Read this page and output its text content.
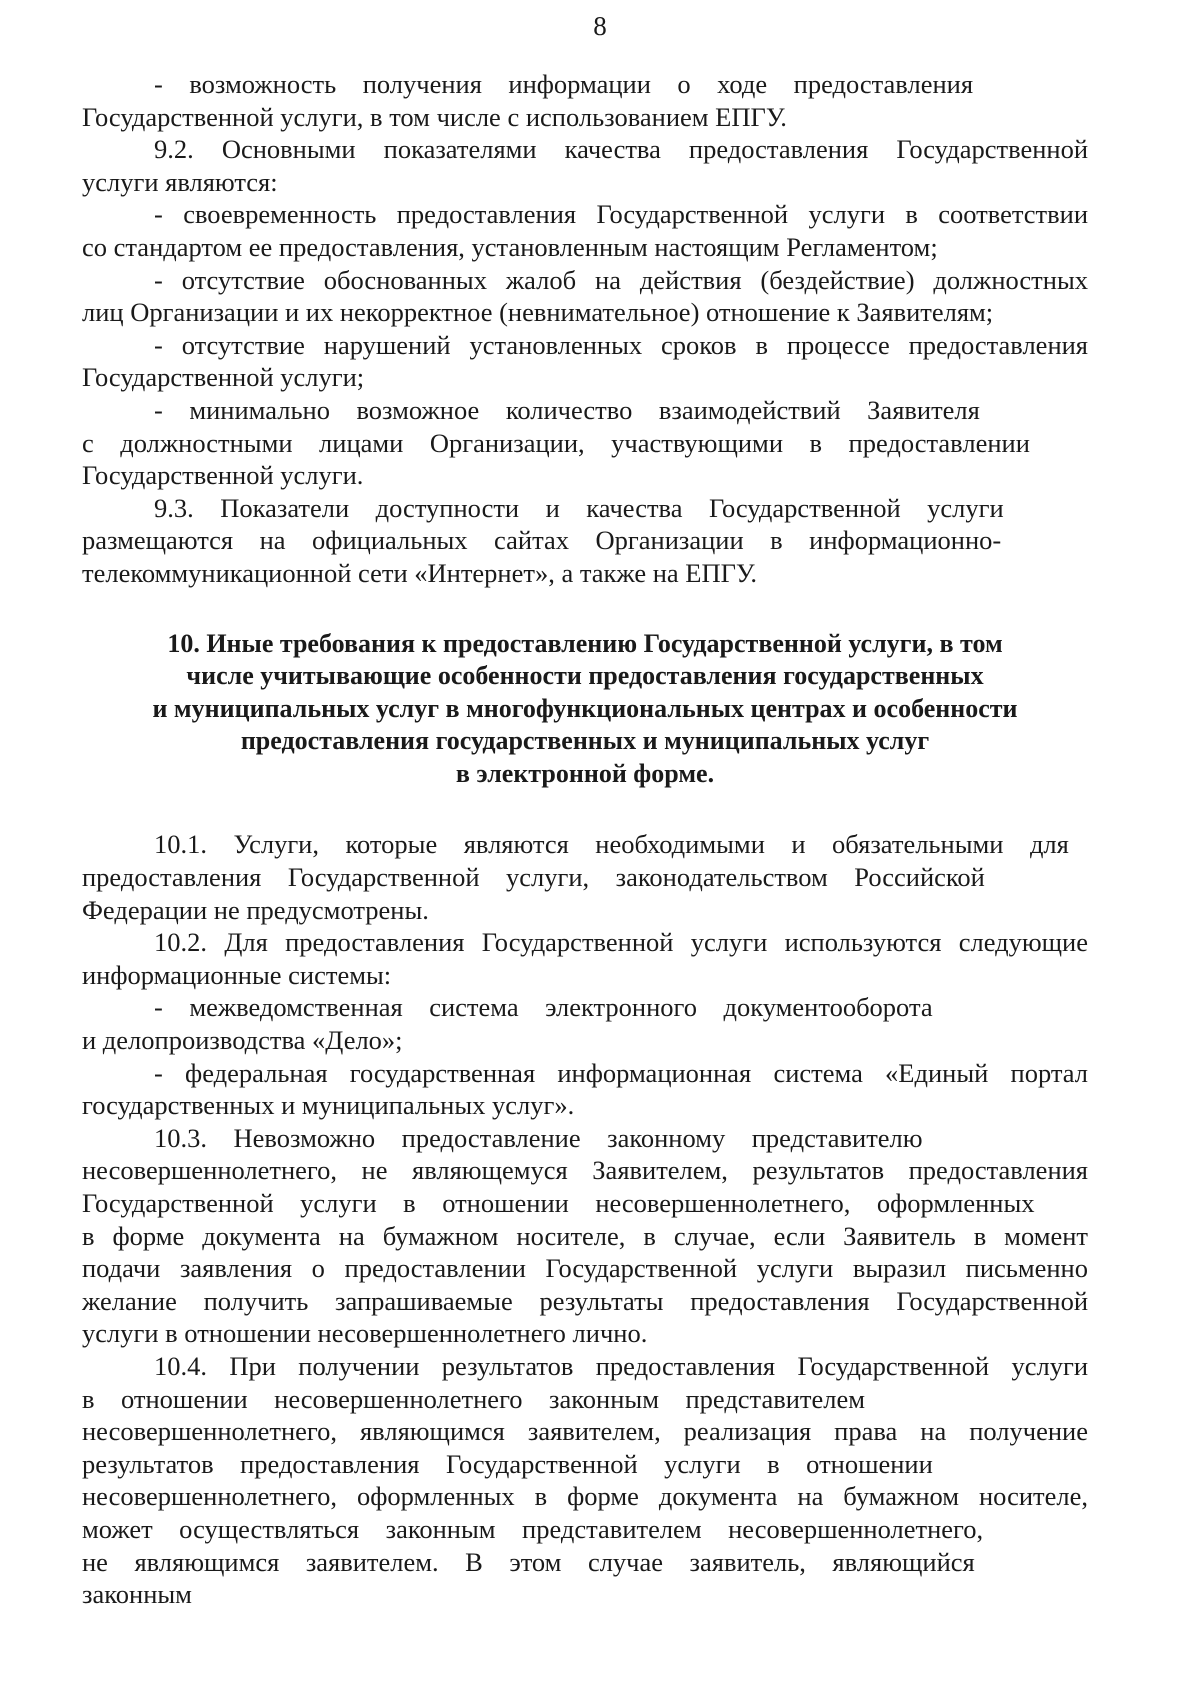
8
- возможность получения информации о ходе предоставления
Государственной услуги, в том числе с использованием ЕПГУ.
9.2. Основными показателями качества предоставления Государственной
услуги являются:
- своевременность предоставления Государственной услуги в соответствии
со стандартом ее предоставления, установленным настоящим Регламентом;
- отсутствие обоснованных жалоб на действия (бездействие) должностных
лиц Организации и их некорректное (невнимательное) отношение к Заявителям;
- отсутствие нарушений установленных сроков в процессе предоставления
Государственной услуги;
- минимально возможное количество взаимодействий Заявителя
с должностными лицами Организации, участвующими в предоставлении
Государственной услуги.
9.3. Показатели доступности и качества Государственной услуги
размещаются на официальных сайтах Организации в информационно-
телекоммуникационной сети «Интернет», а также на ЕПГУ.
10. Иные требования к предоставлению Государственной услуги, в том
числе учитывающие особенности предоставления государственных
и муниципальных услуг в многофункциональных центрах и особенности
предоставления государственных и муниципальных услуг
в электронной форме.
10.1. Услуги, которые являются необходимыми и обязательными для
предоставления Государственной услуги, законодательством Российской
Федерации не предусмотрены.
10.2. Для предоставления Государственной услуги используются следующие
информационные системы:
- межведомственная система электронного документооборота
и делопроизводства «Дело»;
- федеральная государственная информационная система «Единый портал
государственных и муниципальных услуг».
10.3. Невозможно предоставление законному представителю
несовершеннолетнего, не являющемуся Заявителем, результатов предоставления
Государственной услуги в отношении несовершеннолетнего, оформленных
в форме документа на бумажном носителе, в случае, если Заявитель в момент
подачи заявления о предоставлении Государственной услуги выразил письменно
желание получить запрашиваемые результаты предоставления Государственной
услуги в отношении несовершеннолетнего лично.
10.4. При получении результатов предоставления Государственной услуги
в отношении несовершеннолетнего законным представителем
несовершеннолетнего, являющимся заявителем, реализация права на получение
результатов предоставления Государственной услуги в отношении
несовершеннолетнего, оформленных в форме документа на бумажном носителе,
может осуществляться законным представителем несовершеннолетнего,
не являющимся заявителем. В этом случае заявитель, являющийся законным
